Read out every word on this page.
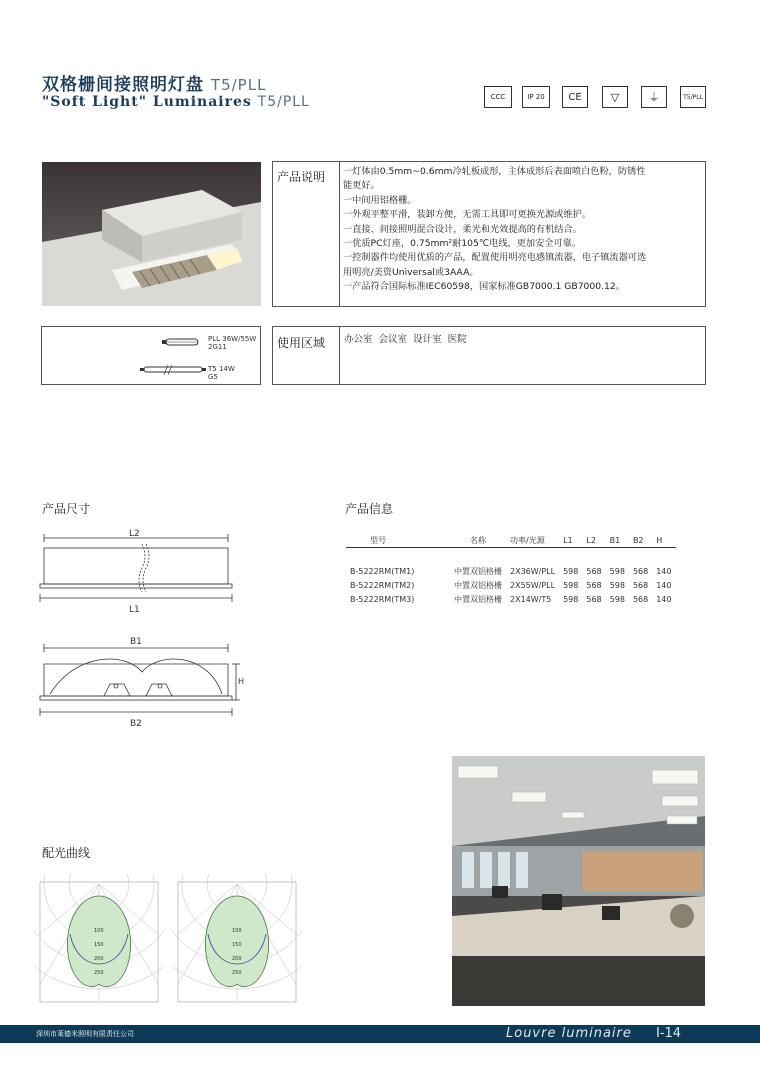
双格栅间接照明灯盘 T5/PLL
"Soft Light" Luminaires T5/PLL	CCC	IP 20 CE	▽	⏚	T5/PLL
产品说明 一灯体由0.5mm~0.6mm冷轧板成形，主体成形后表面喷白色粉，防锈性

能更好。

一中间用铝格栅。

一外观平整平滑，装卸方便，无需工具即可更换光源或维护。

一直接、间接照明混合设计，柔光和光效提高的有机结合。

一优质PC灯座，0.75mm²耐105℃电线，更加安全可靠。

一控制器件均使用优质的产品，配置使用明亮电感镇流器，电子镇流器可选

用明亮/美资Universal或3AAA。

一产品符合国际标准IEC60598，国家标准GB7000.1 GB7000.12。

PLL 36W/55W
2G11
T5 14W
G5
使用区域 办公室  会议室  设计室  医院
产品尺寸	产品信息
L2
L1
B1
H
B2
型号	名称	功率/光源	L1	L2	B1	B2	H

B-5222RM(TM1)	中置双铝格栅	2X36W/PLL	598	568	598	568	140
B-5222RM(TM2)	中置双铝格栅	2X55W/PLL	598	568	598	568	140
B-5222RM(TM3)	中置双铝格栅	2X14W/T5	598	568	598	568	140
配光曲线
100
150
200
250
100
150
200
250
深圳市莱德米照明有限责任公司	Louvre luminaire I-14
